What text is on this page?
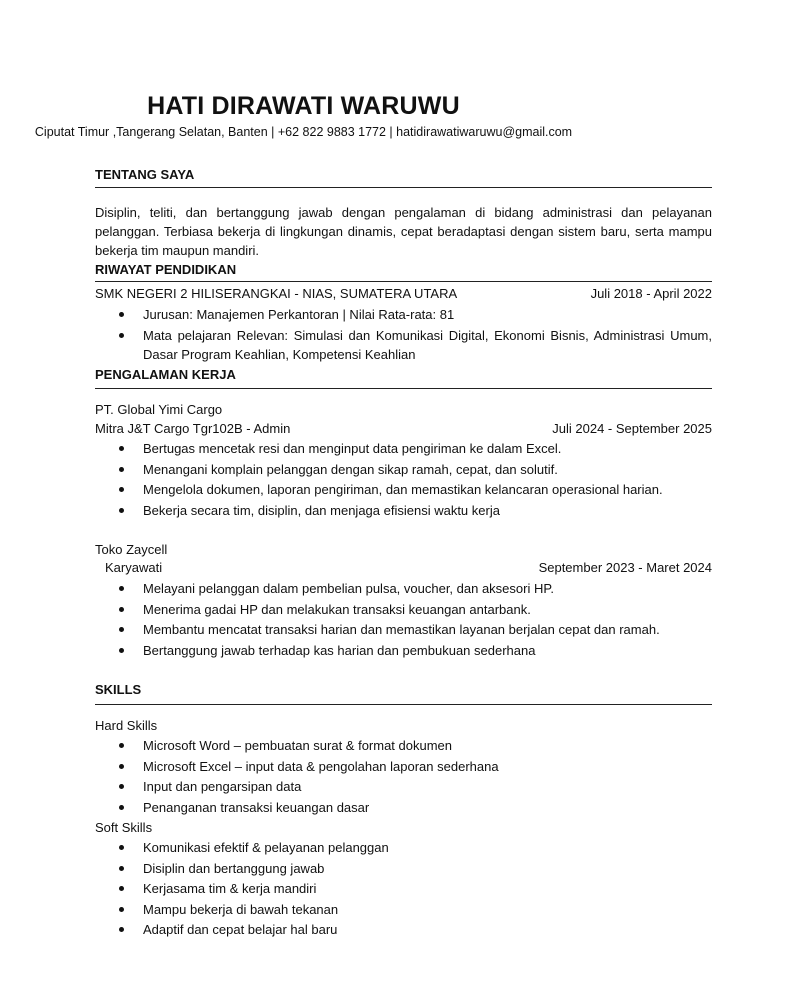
HATI DIRAWATI WARUWU
Ciputat Timur ,Tangerang Selatan, Banten | +62 822 9883 1772 | hatidirawatiwaruwu@gmail.com
TENTANG SAYA
Disiplin, teliti, dan bertanggung jawab dengan pengalaman di bidang administrasi dan pelayanan pelanggan. Terbiasa bekerja di lingkungan dinamis, cepat beradaptasi dengan sistem baru, serta mampu bekerja tim maupun mandiri.
RIWAYAT PENDIDIKAN
SMK NEGERI 2 HILISERANGKAI - NIAS, SUMATERA UTARA	Juli 2018 - April 2022
Jurusan: Manajemen Perkantoran | Nilai Rata-rata: 81
Mata pelajaran Relevan: Simulasi dan Komunikasi Digital, Ekonomi Bisnis, Administrasi Umum, Dasar Program Keahlian, Kompetensi Keahlian
PENGALAMAN KERJA
PT. Global Yimi Cargo
Mitra J&T Cargo Tgr102B - Admin	Juli 2024 - September 2025
Bertugas mencetak resi dan menginput data pengiriman ke dalam Excel.
Menangani komplain pelanggan dengan sikap ramah, cepat, dan solutif.
Mengelola dokumen, laporan pengiriman, dan memastikan kelancaran operasional harian.
Bekerja secara tim, disiplin, dan menjaga efisiensi waktu kerja
Toko Zaycell
Karyawati	September 2023 - Maret 2024
Melayani pelanggan dalam pembelian pulsa, voucher, dan aksesori HP.
Menerima gadai HP dan melakukan transaksi keuangan antarbank.
Membantu mencatat transaksi harian dan memastikan layanan berjalan cepat dan ramah.
Bertanggung jawab terhadap kas harian dan pembukuan sederhana
SKILLS
Hard Skills
Microsoft Word – pembuatan surat & format dokumen
Microsoft Excel – input data & pengolahan laporan sederhana
Input dan pengarsipan data
Penanganan transaksi keuangan dasar
Soft Skills
Komunikasi efektif & pelayanan pelanggan
Disiplin dan bertanggung jawab
Kerjasama tim & kerja mandiri
Mampu bekerja di bawah tekanan
Adaptif dan cepat belajar hal baru
